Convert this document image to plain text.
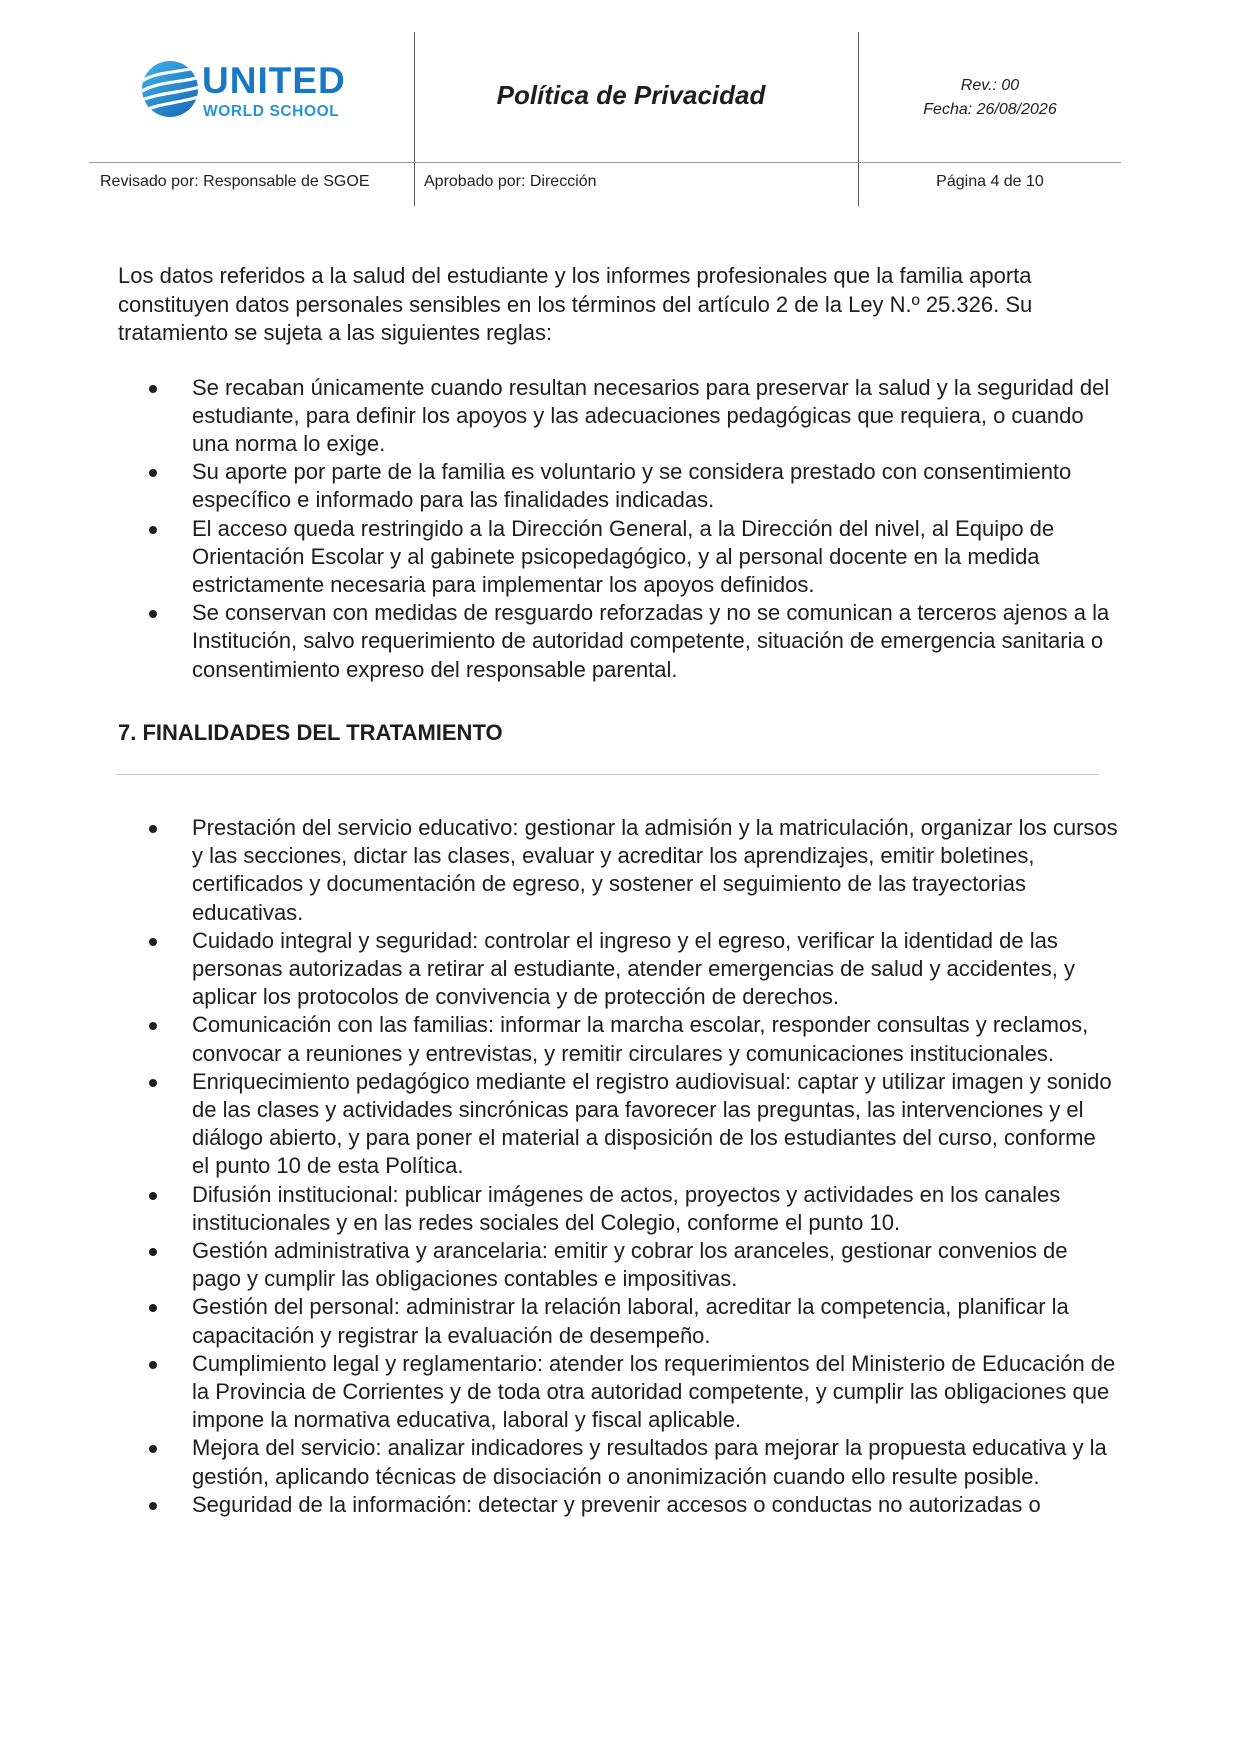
UNITED
WORLD SCHOOL
Política de Privacidad	Rev.: 00
Fecha: 26/08/2026
Revisado por: Responsable de SGOE	Aprobado por: Dirección	Página 4 de 10

Los datos referidos a la salud del estudiante y los informes profesionales que la familia aporta constituyen datos personales sensibles en los términos del artículo 2 de la Ley N.º 25.326. Su tratamiento se sujeta a las siguientes reglas:

Se recaban únicamente cuando resultan necesarios para preservar la salud y la seguridad del estudiante, para definir los apoyos y las adecuaciones pedagógicas que requiera, o cuando una norma lo exige.
Su aporte por parte de la familia es voluntario y se considera prestado con consentimiento específico e informado para las finalidades indicadas.
El acceso queda restringido a la Dirección General, a la Dirección del nivel, al Equipo de Orientación Escolar y al gabinete psicopedagógico, y al personal docente en la medida estrictamente necesaria para implementar los apoyos definidos.
Se conservan con medidas de resguardo reforzadas y no se comunican a terceros ajenos a la Institución, salvo requerimiento de autoridad competente, situación de emergencia sanitaria o consentimiento expreso del responsable parental.
7. FINALIDADES DEL TRATAMIENTO
Prestación del servicio educativo: gestionar la admisión y la matriculación, organizar los cursos y las secciones, dictar las clases, evaluar y acreditar los aprendizajes, emitir boletines, certificados y documentación de egreso, y sostener el seguimiento de las trayectorias educativas.
Cuidado integral y seguridad: controlar el ingreso y el egreso, verificar la identidad de las personas autorizadas a retirar al estudiante, atender emergencias de salud y accidentes, y aplicar los protocolos de convivencia y de protección de derechos.
Comunicación con las familias: informar la marcha escolar, responder consultas y reclamos, convocar a reuniones y entrevistas, y remitir circulares y comunicaciones institucionales.
Enriquecimiento pedagógico mediante el registro audiovisual: captar y utilizar imagen y sonido de las clases y actividades sincrónicas para favorecer las preguntas, las intervenciones y el diálogo abierto, y para poner el material a disposición de los estudiantes del curso, conforme el punto 10 de esta Política.
Difusión institucional: publicar imágenes de actos, proyectos y actividades en los canales institucionales y en las redes sociales del Colegio, conforme el punto 10.
Gestión administrativa y arancelaria: emitir y cobrar los aranceles, gestionar convenios de pago y cumplir las obligaciones contables e impositivas.
Gestión del personal: administrar la relación laboral, acreditar la competencia, planificar la capacitación y registrar la evaluación de desempeño.
Cumplimiento legal y reglamentario: atender los requerimientos del Ministerio de Educación de la Provincia de Corrientes y de toda otra autoridad competente, y cumplir las obligaciones que impone la normativa educativa, laboral y fiscal aplicable.
Mejora del servicio: analizar indicadores y resultados para mejorar la propuesta educativa y la gestión, aplicando técnicas de disociación o anonimización cuando ello resulte posible.
Seguridad de la información: detectar y prevenir accesos o conductas no autorizadas o
